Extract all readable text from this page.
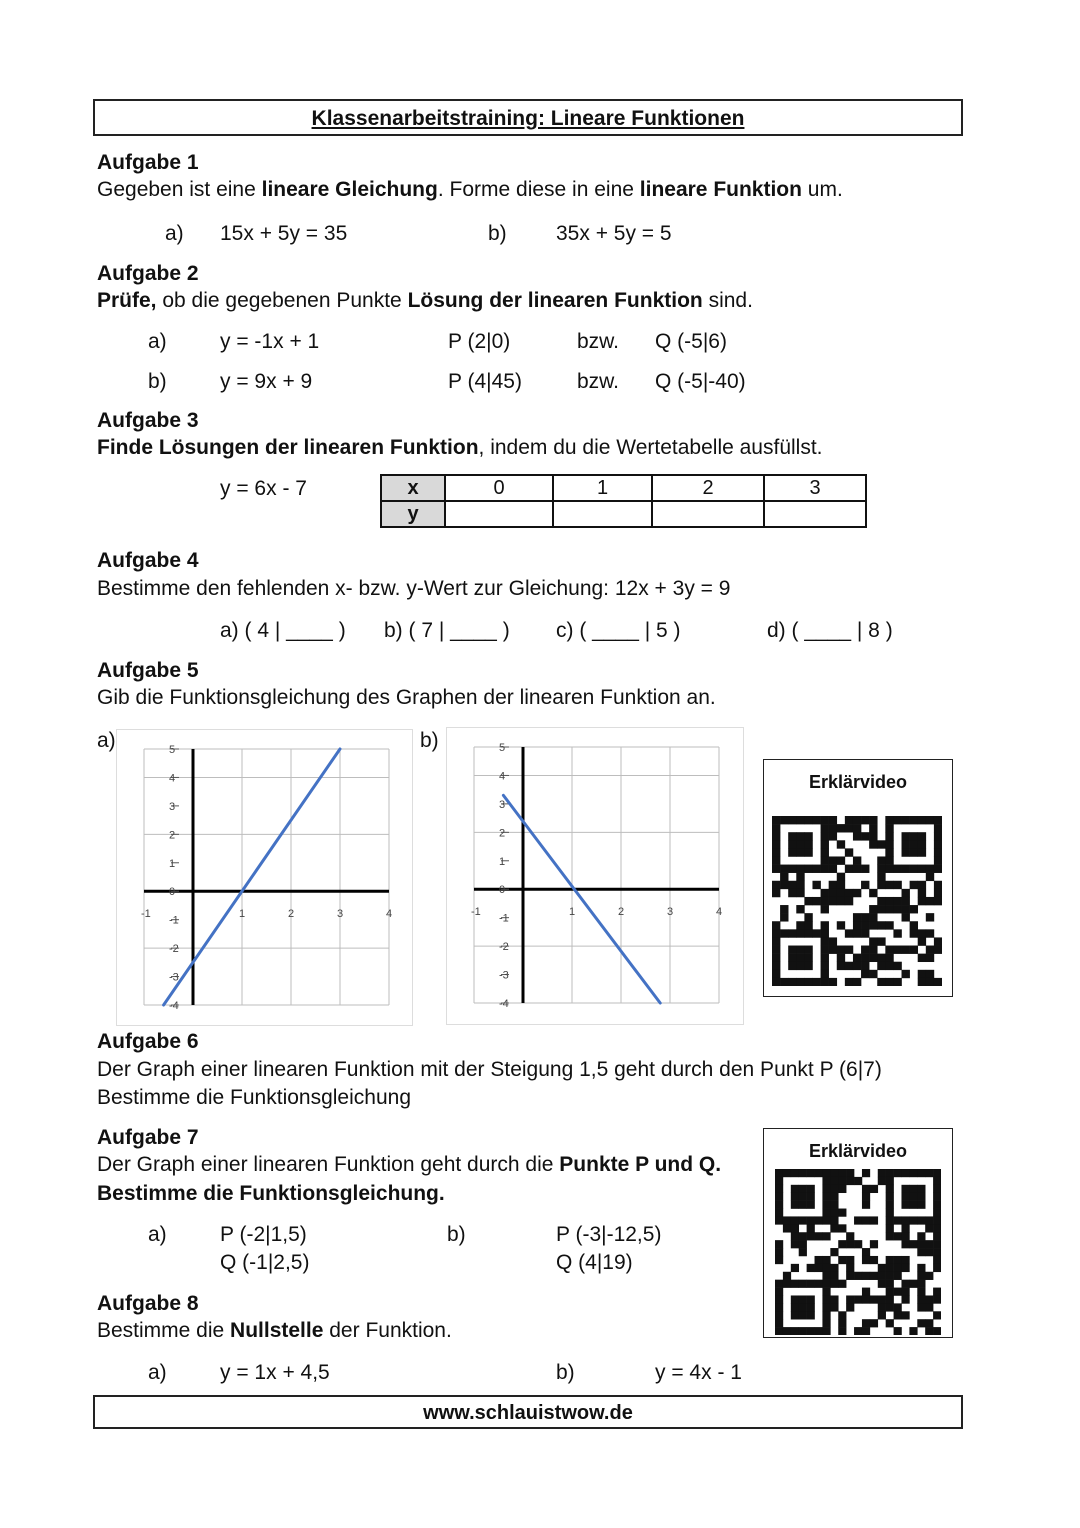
Klassenarbeitstraining: Lineare Funktionen
Aufgabe 1
Gegeben ist eine lineare Gleichung. Forme diese in eine lineare Funktion um.
a) 15x + 5y = 35	b) 35x + 5y = 5
Aufgabe 2
Prüfe, ob die gegebenen Punkte Lösung der linearen Funktion sind.
a)	y = -1x + 1	P (2|0)	bzw. Q (-5|6)
b)	y = 9x + 9	P (4|45)	bzw. Q (-5|-40)
Aufgabe 3
Finde Lösungen der linearen Funktion, indem du die Wertetabelle ausfüllst.
y = 6x - 7	x	0	1	2	3
y				
Aufgabe 4
Bestimme den fehlenden x- bzw. y-Wert zur Gleichung: 12x + 3y = 9
a) ( 4 | ____ ) b) ( 7 | ____ ) c) ( ____ | 5 )	d) ( ____ | 8 )
Aufgabe 5
Gib die Funktionsgleichung des Graphen der linearen Funktion an.
a)	b)
-4
-3
-2
-1
0
1
2
3
4
5
-1	1	2	3	4
-4
-3
-2
-1
0
1
2
3
4
5
-1	1	2	3	4
Erklärvideo
Aufgabe 6
Der Graph einer linearen Funktion mit der Steigung 1,5 geht durch den Punkt P (6|7)
Bestimme die Funktionsgleichung
Aufgabe 7
Der Graph einer linearen Funktion geht durch die Punkte P und Q.
Bestimme die Funktionsgleichung.
a)	P (-2|1,5)
Q (-1|2,5)
b)	P (-3|-12,5)
Q (4|19)
Erklärvideo
Aufgabe 8
Bestimme die Nullstelle der Funktion.
a)	y = 1x + 4,5	b)	y = 4x - 1
www.schlauistwow.de
